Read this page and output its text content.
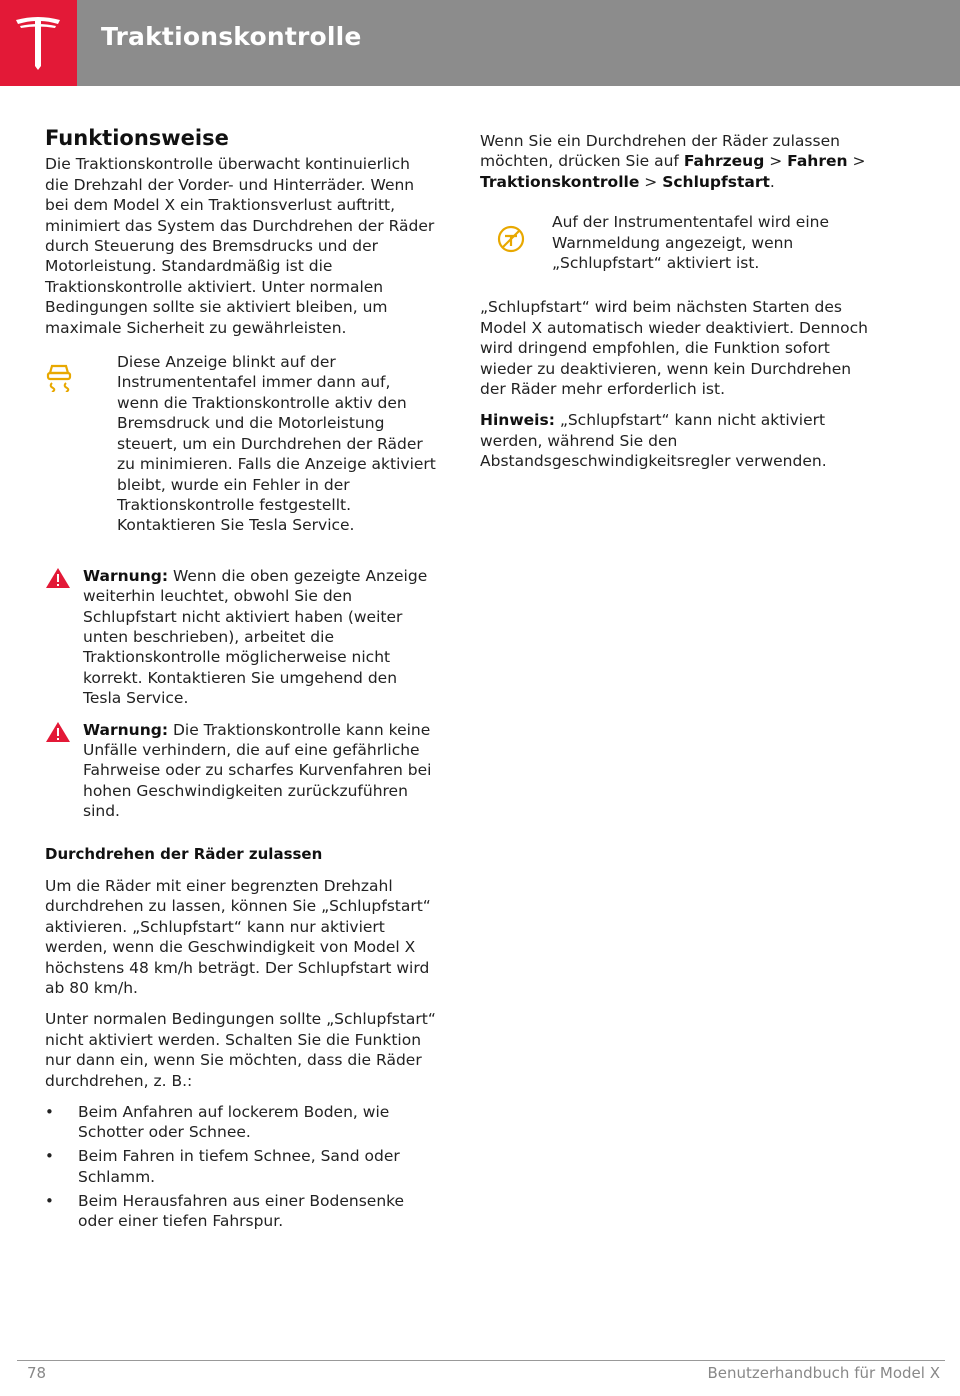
Traktionskontrolle
Funktionsweise

Die Traktionskontrolle überwacht kontinuierlich die Drehzahl der Vorder- und Hinterräder. Wenn bei dem Model X ein Traktionsverlust auftritt, minimiert das System das Durchdrehen der Räder durch Steuerung des Bremsdrucks und der Motorleistung. Standardmäßig ist die Traktionskontrolle aktiviert. Unter normalen Bedingungen sollte sie aktiviert bleiben, um maximale Sicherheit zu gewährleisten.

Diese Anzeige blinkt auf der Instrumententafel immer dann auf, wenn die Traktionskontrolle aktiv den Bremsdruck und die Motorleistung steuert, um ein Durchdrehen der Räder zu minimieren. Falls die Anzeige aktiviert bleibt, wurde ein Fehler in der Traktionskontrolle festgestellt. Kontaktieren Sie Tesla Service.
Warnung: Wenn die oben gezeigte Anzeige weiterhin leuchtet, obwohl Sie den Schlupfstart nicht aktiviert haben (weiter unten beschrieben), arbeitet die Traktionskontrolle möglicherweise nicht korrekt. Kontaktieren Sie umgehend den Tesla Service.
Warnung: Die Traktionskontrolle kann keine Unfälle verhindern, die auf eine gefährliche Fahrweise oder zu scharfes Kurvenfahren bei hohen Geschwindigkeiten zurückzuführen sind.
Durchdrehen der Räder zulassen

Um die Räder mit einer begrenzten Drehzahl durchdrehen zu lassen, können Sie „Schlupfstart“ aktivieren. „Schlupfstart“ kann nur aktiviert werden, wenn die Geschwindigkeit von Model X höchstens 48 km/h beträgt. Der Schlupfstart wird ab 80 km/h.

Unter normalen Bedingungen sollte „Schlupfstart“ nicht aktiviert werden. Schalten Sie die Funktion nur dann ein, wenn Sie möchten, dass die Räder durchdrehen, z. B.:

• Beim Anfahren auf lockerem Boden, wie Schotter oder Schnee.
• Beim Fahren in tiefem Schnee, Sand oder Schlamm.
• Beim Herausfahren aus einer Bodensenke oder einer tiefen Fahrspur.

Wenn Sie ein Durchdrehen der Räder zulassen möchten, drücken Sie auf Fahrzeug > Fahren > Traktionskontrolle > Schlupfstart.

Auf der Instrumententafel wird eine Warnmeldung angezeigt, wenn „Schlupfstart“ aktiviert ist.

„Schlupfstart“ wird beim nächsten Starten des Model X automatisch wieder deaktiviert. Dennoch wird dringend empfohlen, die Funktion sofort wieder zu deaktivieren, wenn kein Durchdrehen der Räder mehr erforderlich ist.

Hinweis: „Schlupfstart“ kann nicht aktiviert werden, während Sie den Abstandsgeschwindigkeitsregler verwenden.

78	Benutzerhandbuch für Model X
